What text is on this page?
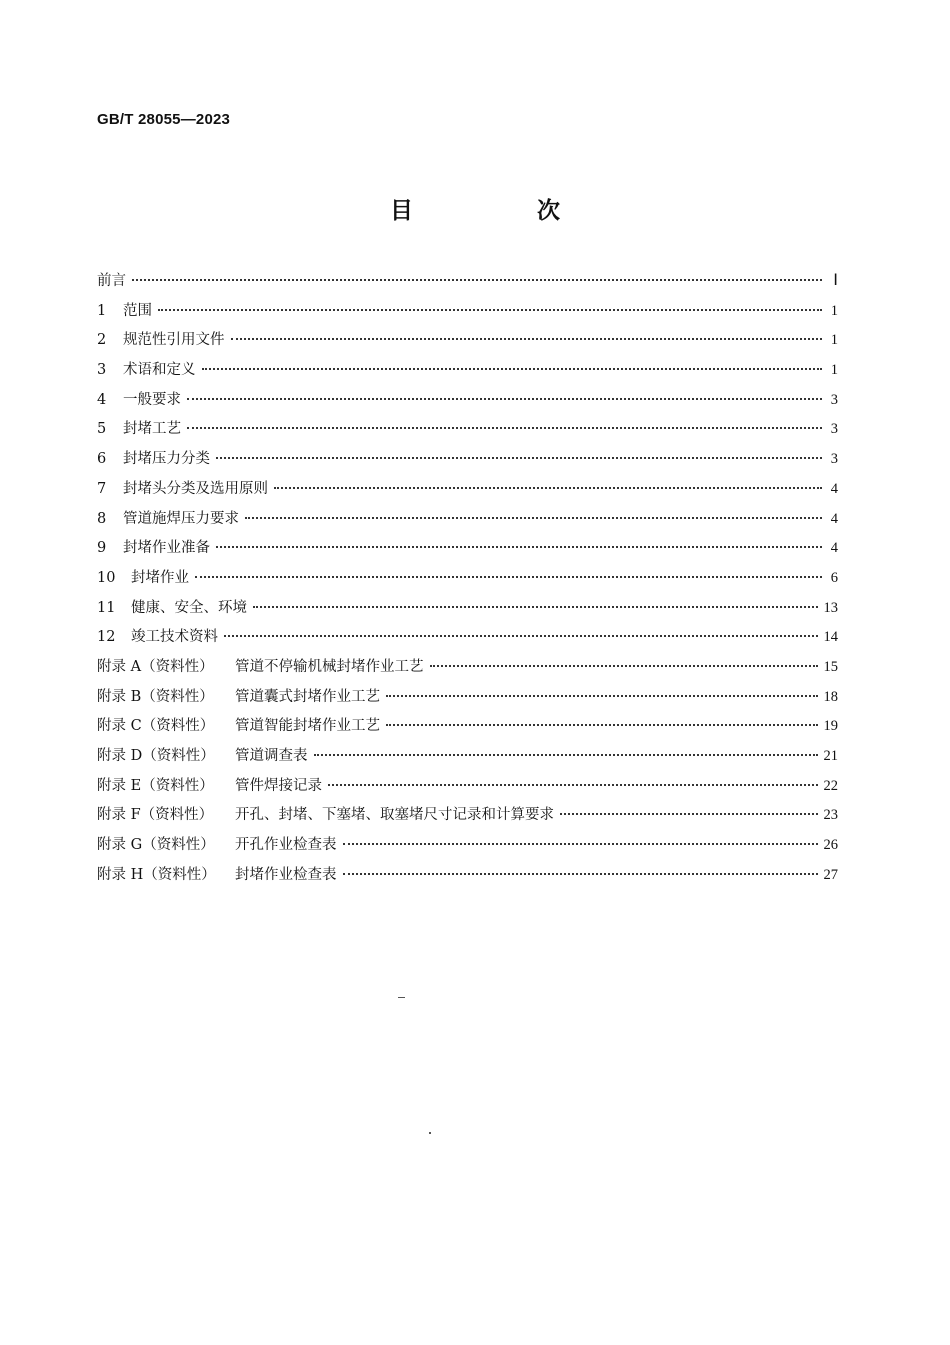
GB/T 28055—2023
目 次
前言	Ⅰ
1	范围	1
2	规范性引用文件	1
3	术语和定义	1
4	一般要求	3
5	封堵工艺	3
6	封堵压力分类	3
7	封堵头分类及选用原则	4
8	管道施焊压力要求	4
9	封堵作业准备	4
10	封堵作业	6
11	健康、安全、环境	13
12	竣工技术资料	14
附录 A（资料性）	管道不停输机械封堵作业工艺	15
附录 B（资料性）	管道囊式封堵作业工艺	18
附录 C（资料性）	管道智能封堵作业工艺	19
附录 D（资料性）	管道调查表	21
附录 E（资料性）	管件焊接记录	22
附录 F（资料性）	开孔、封堵、下塞堵、取塞堵尺寸记录和计算要求	23
附录 G（资料性）	开孔作业检查表	26
附录 H（资料性）	封堵作业检查表	27
